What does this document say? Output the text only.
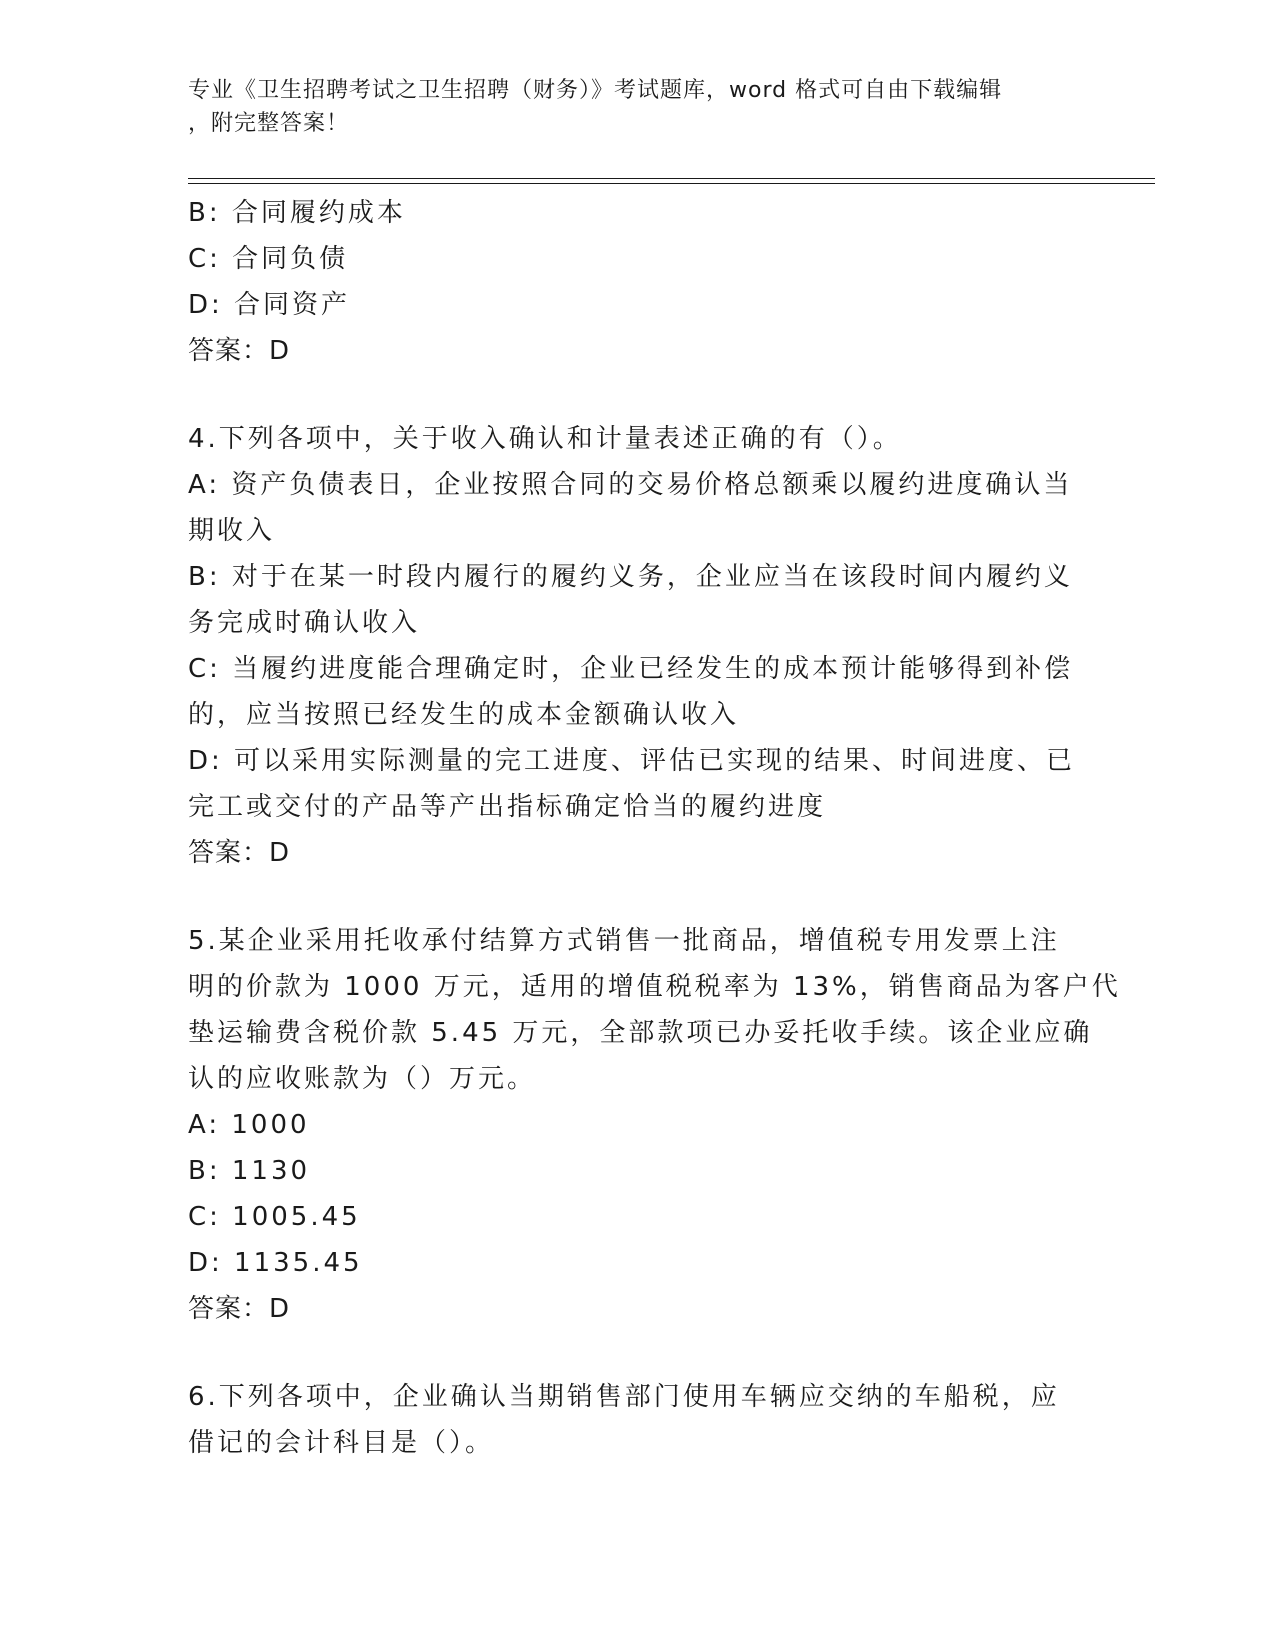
专业《卫生招聘考试之卫生招聘（财务）》考试题库，word 格式可自由下载编辑
，附完整答案！
B: 合同履约成本
C: 合同负债
D: 合同资产
答案：D
4.下列各项中，关于收入确认和计量表述正确的有（）。
A: 资产负债表日，企业按照合同的交易价格总额乘以履约进度确认当
期收入
B: 对于在某一时段内履行的履约义务，企业应当在该段时间内履约义
务完成时确认收入
C: 当履约进度能合理确定时，企业已经发生的成本预计能够得到补偿
的，应当按照已经发生的成本金额确认收入
D: 可以采用实际测量的完工进度、评估已实现的结果、时间进度、已
完工或交付的产品等产出指标确定恰当的履约进度
答案：D
5.某企业采用托收承付结算方式销售一批商品，增值税专用发票上注
明的价款为 1000 万元，适用的增值税税率为 13%，销售商品为客户代
垫运输费含税价款 5.45 万元，全部款项已办妥托收手续。该企业应确
认的应收账款为（）万元。
A: 1000
B: 1130
C: 1005.45
D: 1135.45
答案：D
6.下列各项中，企业确认当期销售部门使用车辆应交纳的车船税，应
借记的会计科目是（）。
